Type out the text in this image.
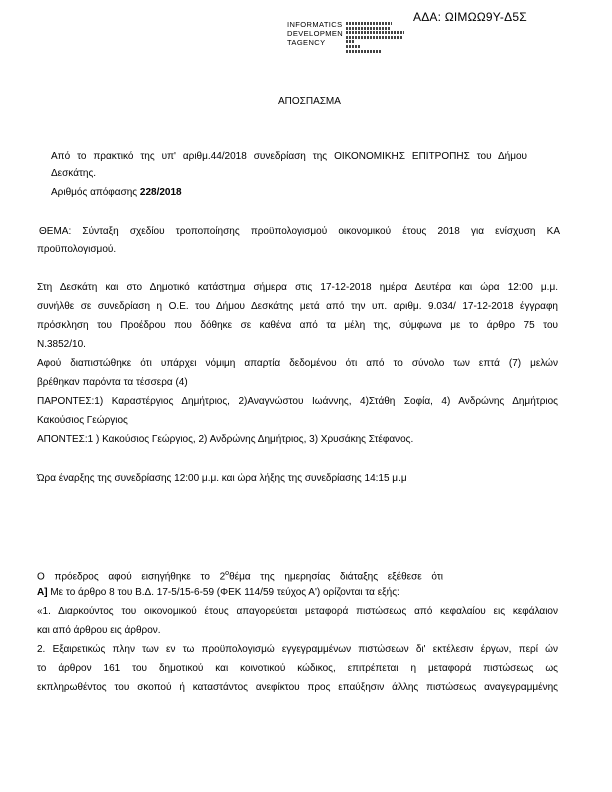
ΑΔΑ: ΩΙΜΩΩ9Υ-Δ5Σ
INFORMATICS
DEVELOPMEN
TAGENCY
ΑΠΟΣΠΑΣΜΑ
Από το πρακτικό της υπ' αριθμ.44/2018 συνεδρίαση της ΟΙΚΟΝΟΜΙΚΗΣ ΕΠΙΤΡΟΠΗΣ του Δήμου
Δεσκάτης.
Αριθμός απόφασης 228/2018
ΘΕΜΑ: Σύνταξη σχεδίου τροποποίησης προϋπολογισμού οικονομικού έτους 2018 για ενίσχυση ΚΑ
προϋπολογισμού.
Στη Δεσκάτη και στο Δημοτικό κατάστημα σήμερα στις 17-12-2018 ημέρα Δευτέρα και ώρα 12:00 μ.μ.
συνήλθε σε συνεδρίαση η Ο.Ε. του Δήμου Δεσκάτης μετά από την υπ. αριθμ. 9.034/ 17-12-2018 έγγραφη
πρόσκληση του Προέδρου που δόθηκε σε καθένα από τα μέλη της, σύμφωνα με το άρθρο 75 του
Ν.3852/10.
Αφού διαπιστώθηκε ότι υπάρχει νόμιμη απαρτία δεδομένου ότι από το σύνολο των επτά (7) μελών
βρέθηκαν παρόντα τα τέσσερα (4)
ΠΑΡΟΝΤΕΣ:1) Καραστέργιος Δημήτριος, 2)Αναγνώστου Ιωάννης, 4)Στάθη Σοφία, 4) Ανδρώνης Δημήτριος
Κακούσιος Γεώργιος
ΑΠΟΝΤΕΣ:1 ) Κακούσιος Γεώργιος, 2) Ανδρώνης Δημήτριος, 3) Χρυσάκης Στέφανος.
Ώρα έναρξης της συνεδρίασης 12:00 μ.μ. και ώρα λήξης της συνεδρίασης 14:15 μ.μ
Ο πρόεδρος αφού εισηγήθηκε το $2^o\theta έ\mu\alpha$ της ημερησίας διάταξης εξέθεσε ότι
Α] Με το άρθρο 8 του Β.Δ. 17-5/15-6-59 (ΦΕΚ 114/59 τεύχος Α') ορίζονται τα εξής:
«1. Διαρκούντος του οικονομικού έτους απαγορεύεται μεταφορά πιστώσεως από κεφαλαίου εις κεφάλαιον
και από άρθρου εις άρθρον.
2. Εξαιρετικώς πλην των εν τω προϋπολογισμώ εγγεγραμμένων πιστώσεων δι' εκτέλεσιν έργων, περί ών
το άρθρον 161 του δημοτικού και κοινοτικού κώδικος, επιτρέπεται η μεταφορά πιστώσεως ως
εκπληρωθέντος του σκοπού ή καταστάντος ανεφίκτου προς επαύξησιν άλλης πιστώσεως αναγεγραμμένης
